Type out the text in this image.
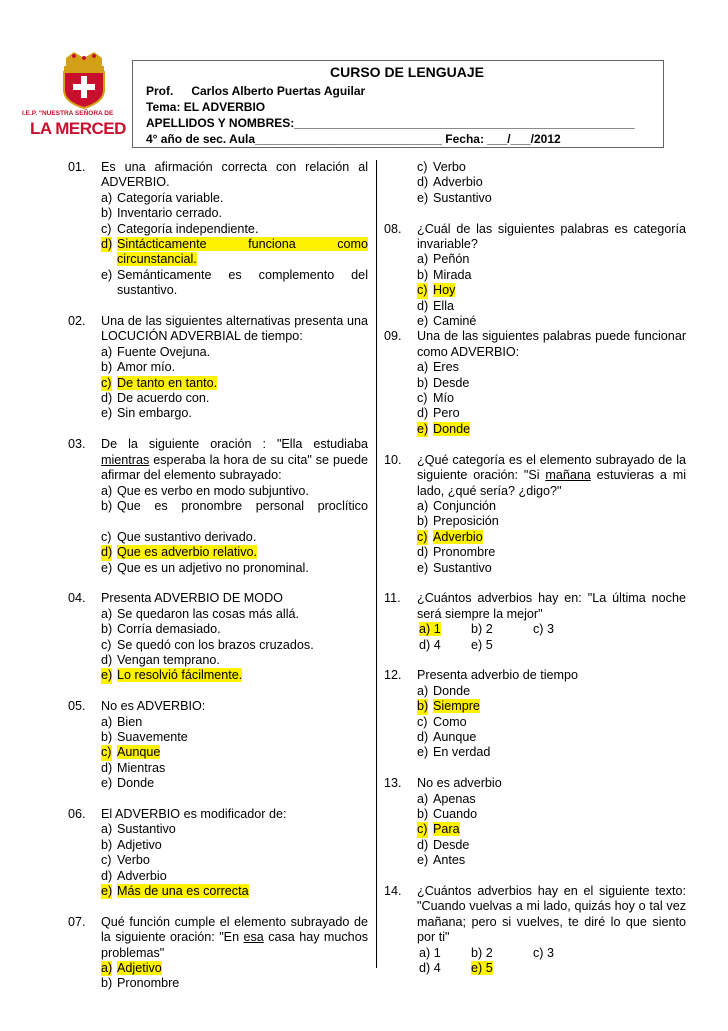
I.E.P. "NUESTRA SEÑORA DE
LA MERCED
CURSO DE LENGUAJE
Prof. Carlos Alberto Puertas Aguilar
Tema: EL ADVERBIO
APELLIDOS Y NOMBRES:___________________________________________________
4° año de sec. Aula____________________________ Fecha: ___/___/2012
01. Es una afirmación correcta con relación al ADVERBIO.
a) Categoría variable.
b) Inventario cerrado.
c) Categoría independiente.
d) Sintácticamente funciona como circunstancial.
e) Semánticamente es complemento del sustantivo.
02. Una de las siguientes alternativas presenta una LOCUCIÓN ADVERBIAL de tiempo:
a) Fuente Ovejuna.
b) Amor mío.
c) De tanto en tanto.
d) De acuerdo con.
e) Sin embargo.
03. De la siguiente oración : "Ella estudiaba mientras esperaba la hora de su cita" se puede afirmar del elemento subrayado:
a) Que es verbo en modo subjuntivo.
b) Que es pronombre personal proclítico
c) Que sustantivo derivado.
d) Que es adverbio relativo.
e) Que es un adjetivo no pronominal.
04. Presenta ADVERBIO DE MODO
a) Se quedaron las cosas más allá.
b) Corría demasiado.
c) Se quedó con los brazos cruzados.
d) Vengan temprano.
e) Lo resolvió fácilmente.
05. No es ADVERBIO:
a) Bien
b) Suavemente
c) Aunque
d) Mientras
e) Donde
06. El ADVERBIO es modificador de:
a) Sustantivo
b) Adjetivo
c) Verbo
d) Adverbio
e) Más de una es correcta
07. Qué función cumple el elemento subrayado de la siguiente oración: "En esa casa hay muchos problemas"
a) Adjetivo
b) Pronombre
c) Verbo
d) Adverbio
e) Sustantivo
08. ¿Cuál de las siguientes palabras es categoría invariable?
a) Peñón
b) Mirada
c) Hoy
d) Ella
e) Caminé
09. Una de las siguientes palabras puede funcionar como ADVERBIO:
a) Eres
b) Desde
c) Mío
d) Pero
e) Donde
10. ¿Qué categoría es el elemento subrayado de la siguiente oración: "Si mañana estuvieras a mi lado, ¿qué sería? ¿digo?"
a) Conjunción
b) Preposición
c) Adverbio
d) Pronombre
e) Sustantivo
11. ¿Cuántos adverbios hay en: "La última noche será siempre la mejor"
a) 1	b) 2	c) 3
d) 4	e) 5
12. Presenta adverbio de tiempo
a) Donde
b) Siempre
c) Como
d) Aunque
e) En verdad
13. No es adverbio
a) Apenas
b) Cuando
c) Para
d) Desde
e) Antes
14. ¿Cuántos adverbios hay en el siguiente texto: "Cuando vuelvas a mi lado, quizás hoy o tal vez mañana; pero si vuelves, te diré lo que siento por ti"
a) 1	b) 2	c) 3
d) 4	e) 5
